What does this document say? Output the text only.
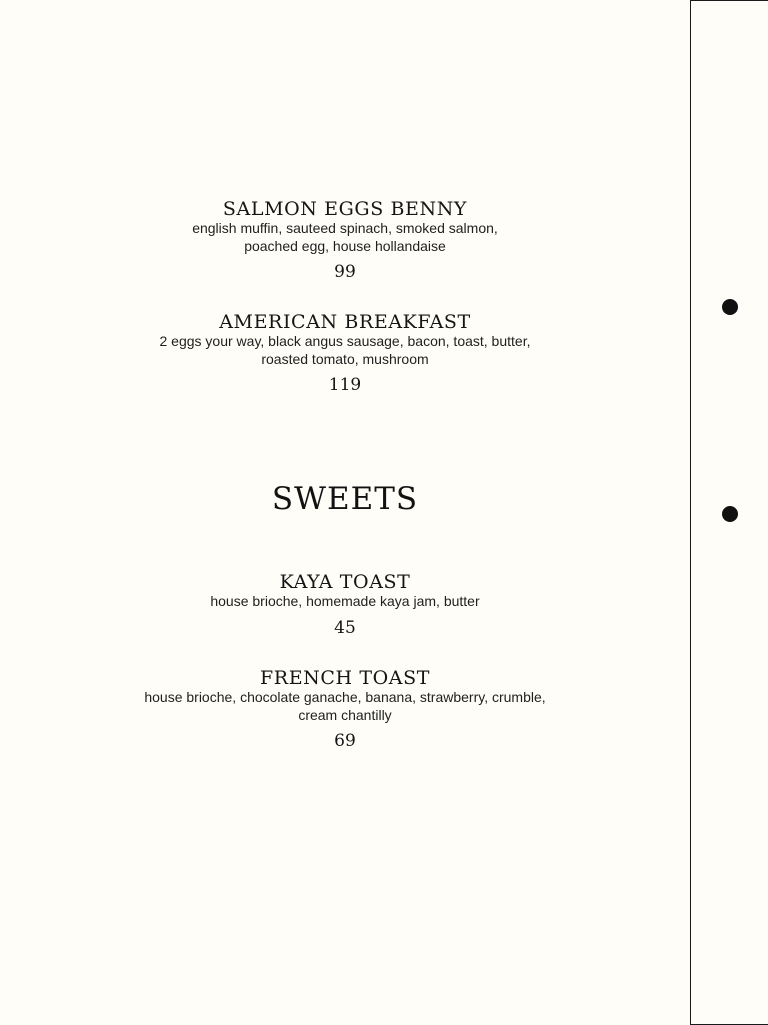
SALMON EGGS BENNY
english muffin, sauteed spinach, smoked salmon,
poached egg, house hollandaise
99
AMERICAN BREAKFAST
2 eggs your way, black angus sausage, bacon, toast, butter,
roasted tomato, mushroom
119
SWEETS
KAYA TOAST
house brioche, homemade kaya jam, butter
45
FRENCH TOAST
house brioche, chocolate ganache, banana, strawberry, crumble,
cream chantilly
69
